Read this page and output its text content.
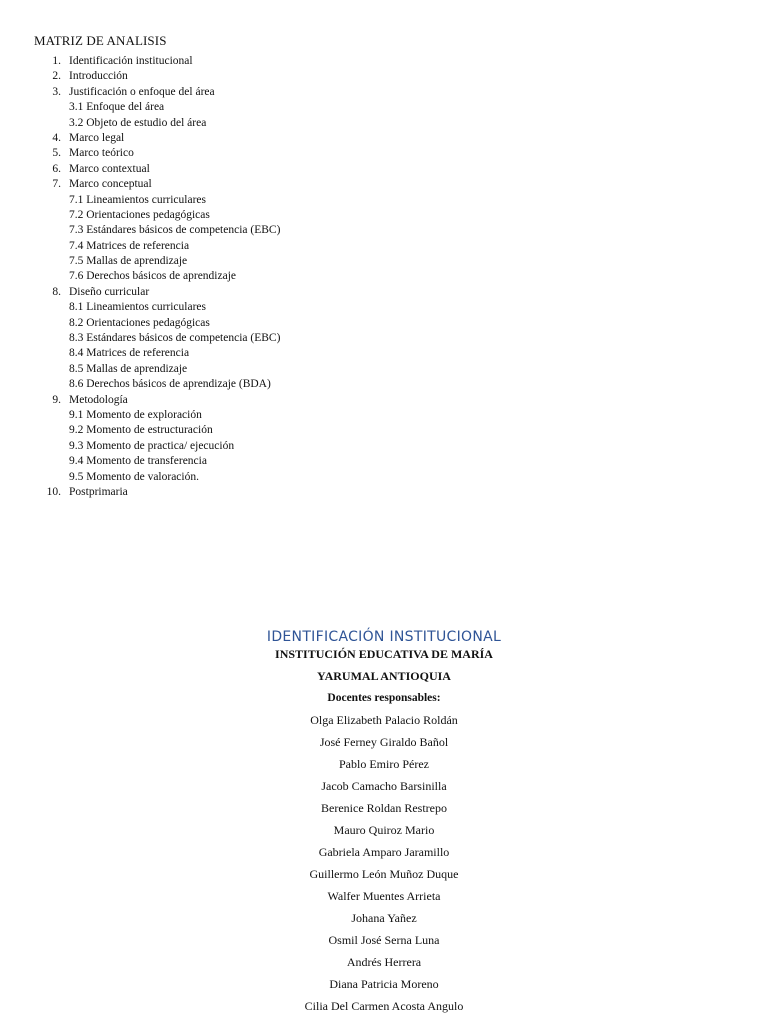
MATRIZ DE ANALISIS
1. Identificación institucional
2. Introducción
3. Justificación o enfoque del área
3.1 Enfoque del área
3.2 Objeto de estudio del área
4. Marco legal
5. Marco teórico
6. Marco contextual
7. Marco conceptual
7.1 Lineamientos curriculares
7.2 Orientaciones pedagógicas
7.3 Estándares básicos de competencia (EBC)
7.4 Matrices de referencia
7.5 Mallas de aprendizaje
7.6 Derechos básicos de aprendizaje
8. Diseño curricular
8.1 Lineamientos curriculares
8.2 Orientaciones pedagógicas
8.3 Estándares básicos de competencia (EBC)
8.4 Matrices de referencia
8.5 Mallas de aprendizaje
8.6 Derechos básicos de aprendizaje (BDA)
9. Metodología
9.1 Momento de exploración
9.2 Momento de estructuración
9.3 Momento de practica/ ejecución
9.4 Momento de transferencia
9.5 Momento de valoración.
10. Postprimaria
IDENTIFICACIÓN INSTITUCIONAL
INSTITUCIÓN EDUCATIVA DE MARÍA
YARUMAL ANTIOQUIA
Docentes responsables:
Olga Elizabeth Palacio Roldán
José Ferney Giraldo Bañol
Pablo Emiro Pérez
Jacob Camacho Barsinilla
Berenice Roldan Restrepo
Mauro Quiroz Mario
Gabriela Amparo Jaramillo
Guillermo León Muñoz Duque
Walfer Muentes Arrieta
Johana Yañez
Osmil José Serna Luna
Andrés Herrera
Diana Patricia Moreno
Cilia Del Carmen Acosta Angulo
